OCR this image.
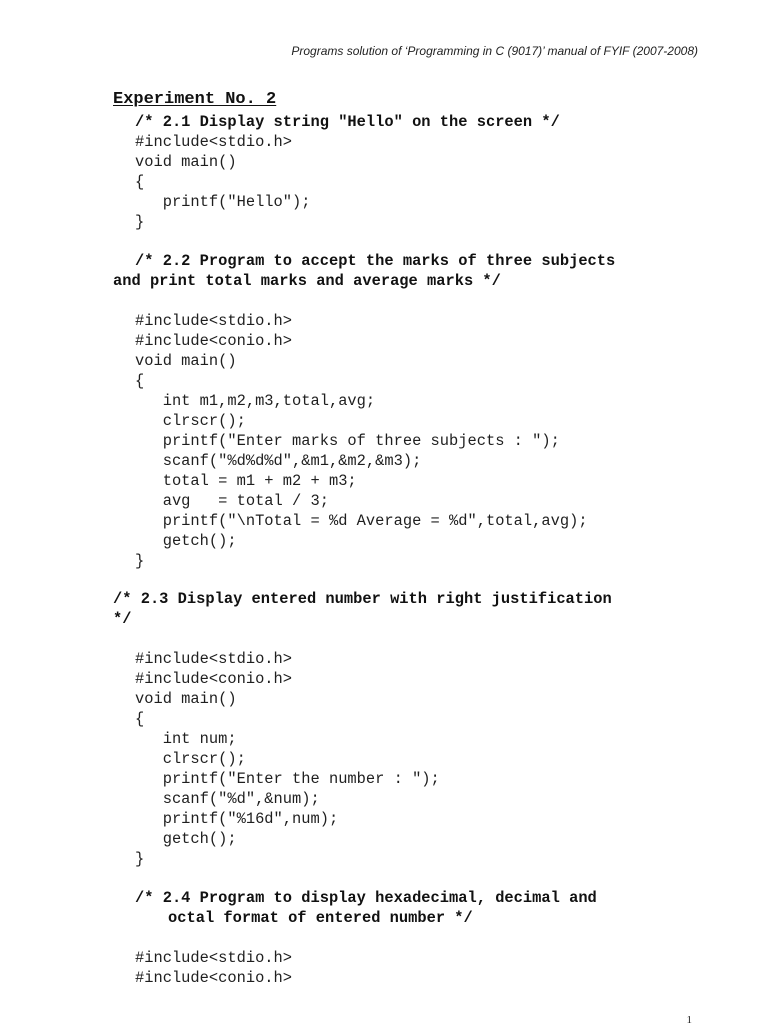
Programs solution of ‘Programming in C (9017)’ manual of FYIF (2007-2008)
Experiment No. 2
/* 2.1 Display string "Hello" on the screen */
#include<stdio.h>
void main()
{
printf("Hello");
}
/* 2.2 Program to accept the marks of three subjects
and print total marks and average marks */
#include<stdio.h>
#include<conio.h>
void main()
{
int m1,m2,m3,total,avg;
clrscr();
printf("Enter marks of three subjects : ");
scanf("%d%d%d",&m1,&m2,&m3);
total = m1 + m2 + m3;
avg   = total / 3;
printf("\nTotal = %d Average = %d",total,avg);
getch();
}
/* 2.3 Display entered number with right justification
*/
#include<stdio.h>
#include<conio.h>
void main()
{
int num;
clrscr();
printf("Enter the number : ");
scanf("%d",&num);
printf("%16d",num);
getch();
}
/* 2.4 Program to display hexadecimal, decimal and
octal format of entered number */
#include<stdio.h>
#include<conio.h>
1
